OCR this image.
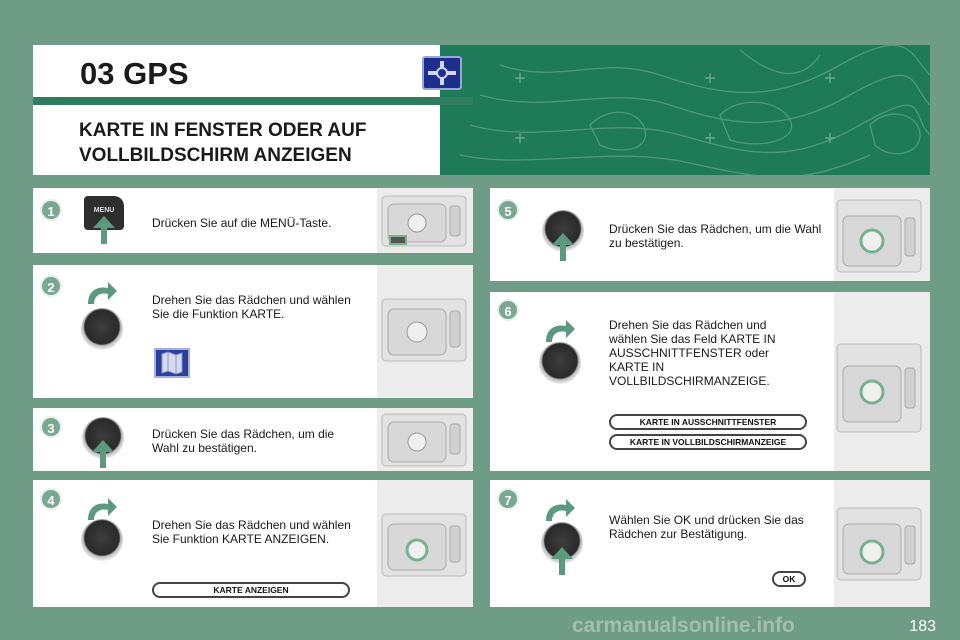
03 GPS
KARTE IN FENSTER ODER AUF VOLLBILDSCHIRM ANZEIGEN
1	MENU
Drücken Sie auf die MENÜ-Taste.
2
Drehen Sie das Rädchen und wählen Sie die Funktion KARTE.
3	Drücken Sie das Rädchen, um die Wahl zu bestätigen.
4
Drehen Sie das Rädchen und wählen Sie Funktion KARTE ANZEIGEN.
KARTE ANZEIGEN
5
Drücken Sie das Rädchen, um die Wahl zu bestätigen.
6
Drehen Sie das Rädchen und wählen Sie das Feld KARTE IN AUSSCHNITTFENSTER oder KARTE IN VOLLBILDSCHIRMANZEIGE.
KARTE IN AUSSCHNITTFENSTER
KARTE IN VOLLBILDSCHIRMANZEIGE
7
Wählen Sie OK und drücken Sie das Rädchen zur Bestätigung.
OK
183
carmanualsonline.info
